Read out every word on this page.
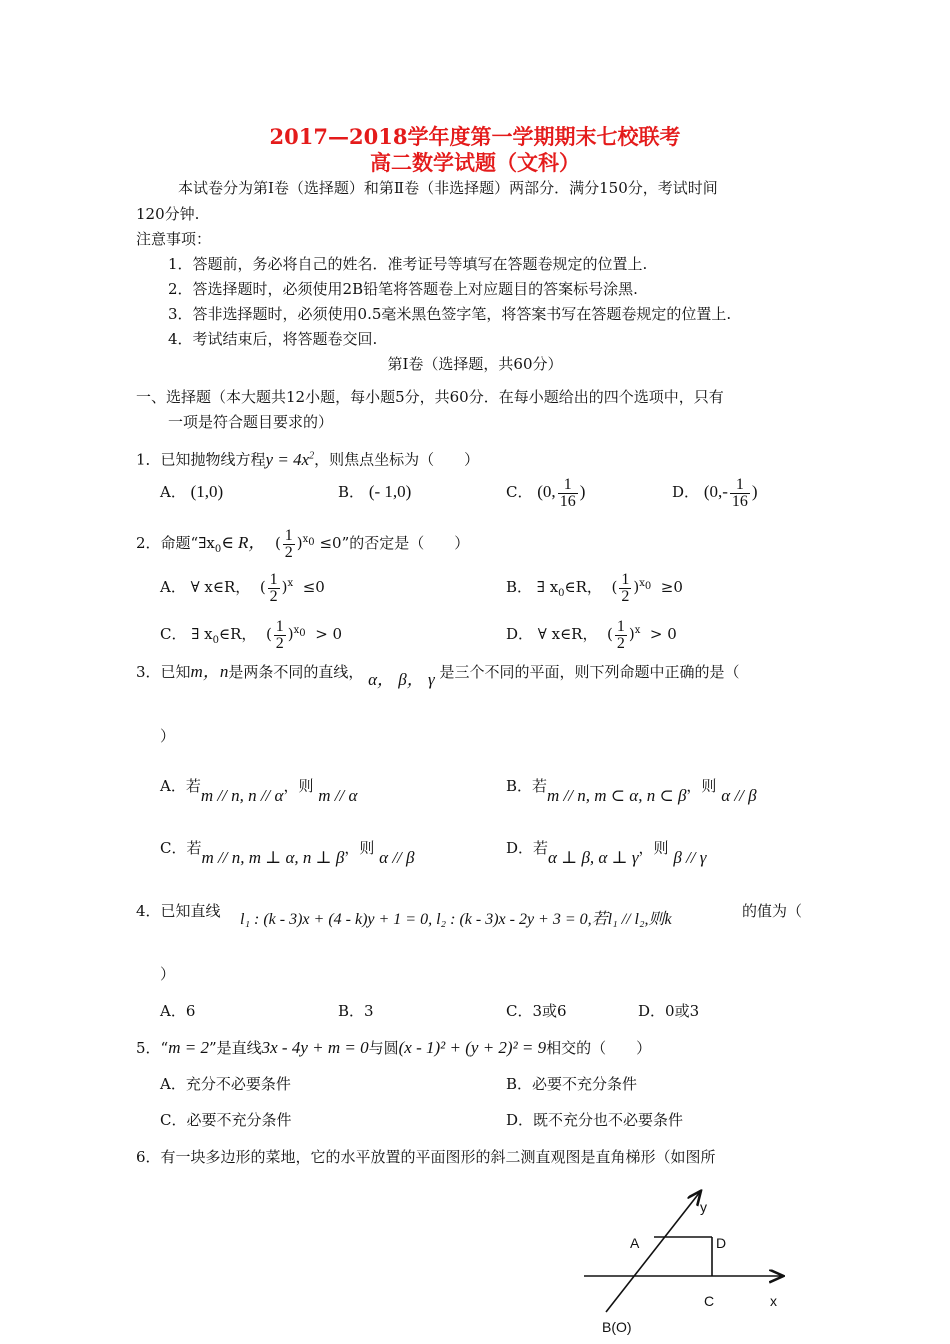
2017—2018学年度第一学期期末七校联考
高二数学试题（文科）
本试卷分为第Ⅰ卷（选择题）和第Ⅱ卷（非选择题）两部分．满分150分，考试时间
120分钟.
注意事项：
1．答题前，务必将自己的姓名．准考证号等填写在答题卷规定的位置上.
2．答选择题时，必须使用2B铅笔将答题卷上对应题目的答案标号涂黑.
3．答非选择题时，必须使用0.5毫米黑色签字笔，将答案书写在答题卷规定的位置上.
4．考试结束后，将答题卷交回.
第Ⅰ卷（选择题，共60分）
一、选择题（本大题共12小题，每小题5分，共60分．在每小题给出的四个选项中，只有
一项是符合题目要求的）
1．已知抛物线方程$y = 4x^2$，则焦点坐标为（　　）
A． (1,0)	B． (- 1,0)	C． (0, $\frac{1}{16}$ )	D． ($0,- \frac{1}{16}$ )
2．命题“$\exists x_0\in$ R，  ( $\frac{1}{2} )^{x_0} \le 0$”的否定是（　　）
A． ∀ x∈R，  ( $\frac{1}{2} )^x \le 0$	B． ∃ $x_0\in R$，  ( $\frac{1}{2} )^{x_0} \ge 0$
C． ∃ $x_0\in R$，  ( $\frac{1}{2} )^{x_0} > 0$	D． ∀ x∈R，  ( $\frac{1}{2} )^x > 0$
3．已知m，n是两条不同的直线， α， β， γ 是三个不同的平面，则下列命题中正确的是（
）
A．若m // n, n // α，则 m // α	B．若m // n, m ⊂ α, n ⊂ β，则 α // β
C．若m // n, m ⊥ α, n ⊥ β，则 α // β	D．若α ⊥ β, α ⊥ γ，则 β // γ
4．已知直线 l₁ : (k - 3)x + (4 - k)y + 1 = 0, l₂ : (k - 3)x - 2y + 3 = 0,若l₁ // l₂,则k	的值为（
）
A．6	B．3	C．3或6	D．0或3
5．“m = 2”是直线3x - 4y + m = 0与圆(x - 1)² + (y + 2)² = 9相交的（　　）
A．充分不必要条件	B．必要不充分条件
C．必要不充分条件	D．既不充分也不必要条件
6．有一块多边形的菜地，它的水平放置的平面图形的斜二测直观图是直角梯形（如图所
y
A	D
C	x
B(O)
